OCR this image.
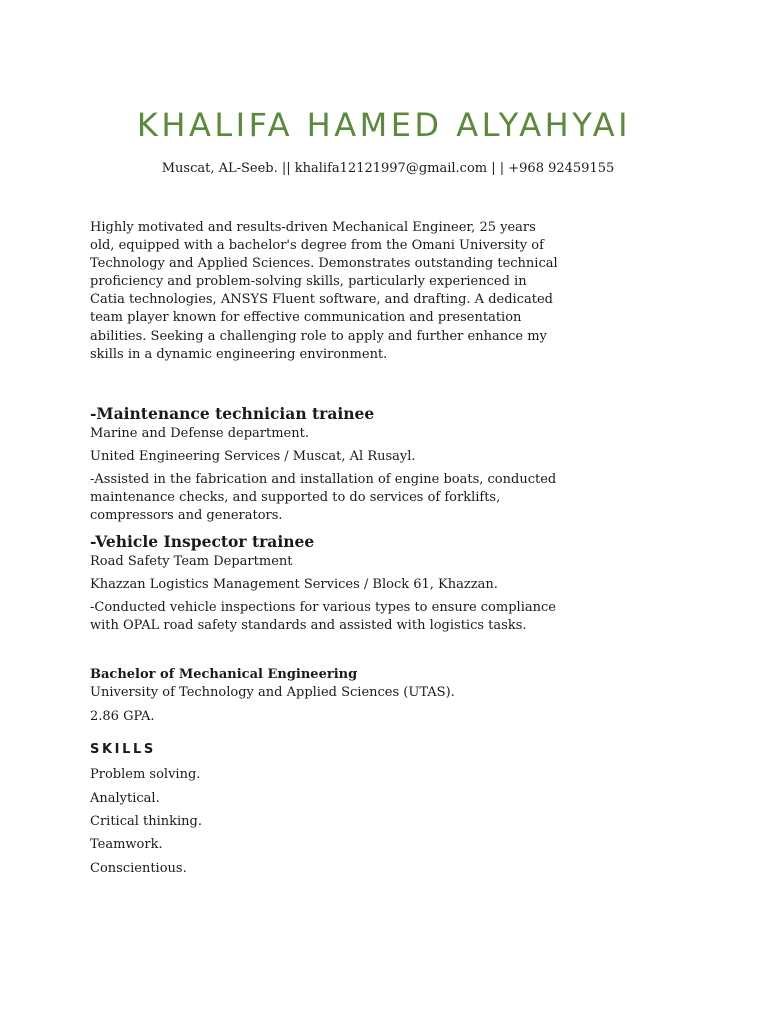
KHALIFA HAMED ALYAHYAI
Muscat, AL-Seeb. || khalifa12121997@gmail.com | | +968 92459155

Highly motivated and results-driven Mechanical Engineer, 25 years old, equipped with a bachelor's degree from the Omani University of Technology and Applied Sciences. Demonstrates outstanding technical proficiency and problem-solving skills, particularly experienced in Catia technologies, ANSYS Fluent software, and drafting. A dedicated team player known for effective communication and presentation abilities. Seeking a challenging role to apply and further enhance my skills in a dynamic engineering environment.

-Maintenance technician trainee

Marine and Defense department.

United Engineering Services / Muscat, Al Rusayl.

-Assisted in the fabrication and installation of engine boats, conducted maintenance checks, and supported to do services of forklifts, compressors and generators.

-Vehicle Inspector trainee

Road Safety Team Department

Khazzan Logistics Management Services / Block 61, Khazzan.

-Conducted vehicle inspections for various types to ensure compliance with OPAL road safety standards and assisted with logistics tasks.

Bachelor of Mechanical Engineering

University of Technology and Applied Sciences (UTAS).

2.86 GPA.

SKILLS

Problem solving.

Analytical.

Critical thinking.

Teamwork.

Conscientious.
